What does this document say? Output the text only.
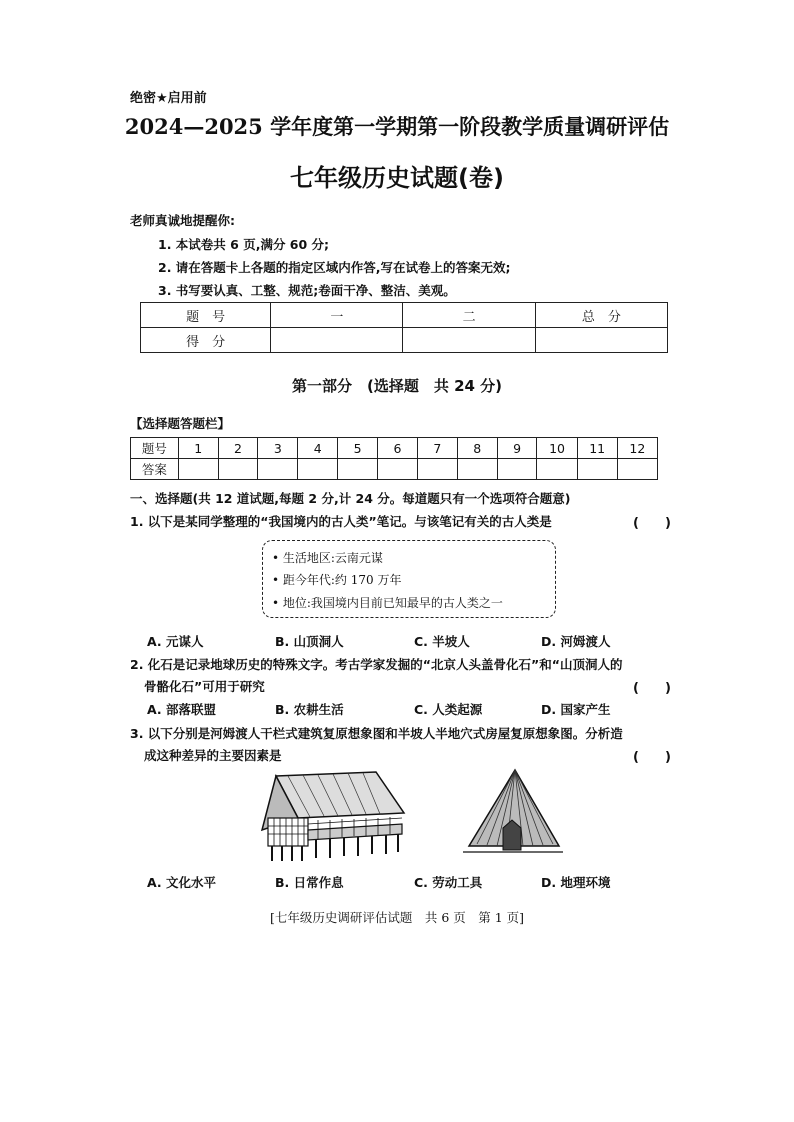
绝密★启用前
2024—2025 学年度第一学期第一阶段教学质量调研评估
七年级历史试题(卷)
老师真诚地提醒你:
1. 本试卷共 6 页,满分 60 分;
2. 请在答题卡上各题的指定区域内作答,写在试卷上的答案无效;
3. 书写要认真、工整、规范;卷面干净、整洁、美观。
题　号	一	二	总　分
得　分			
第一部分　(选择题　共 24 分)
【选择题答题栏】
题号	1	2	3	4	5	6	7	8	9	10	11	12
答案												
一、选择题(共 12 道试题,每题 2 分,计 24 分。每道题只有一个选项符合题意)
1. 以下是某同学整理的“我国境内的古人类”笔记。与该笔记有关的古人类是	(　　)
• 生活地区:云南元谋
• 距今年代:约 170 万年
• 地位:我国境内目前已知最早的古人类之一
A. 元谋人	B. 山顶洞人	C. 半坡人	D. 河姆渡人
2. 化石是记录地球历史的特殊文字。考古学家发掘的“北京人头盖骨化石”和“山顶洞人的
骨骼化石”可用于研究	(　　)
A. 部落联盟	B. 农耕生活	C. 人类起源	D. 国家产生
3. 以下分别是河姆渡人干栏式建筑复原想象图和半坡人半地穴式房屋复原想象图。分析造
成这种差异的主要因素是	(　　)
A. 文化水平	B. 日常作息	C. 劳动工具	D. 地理环境
[七年级历史调研评估试题　共 6 页　第 1 页]
